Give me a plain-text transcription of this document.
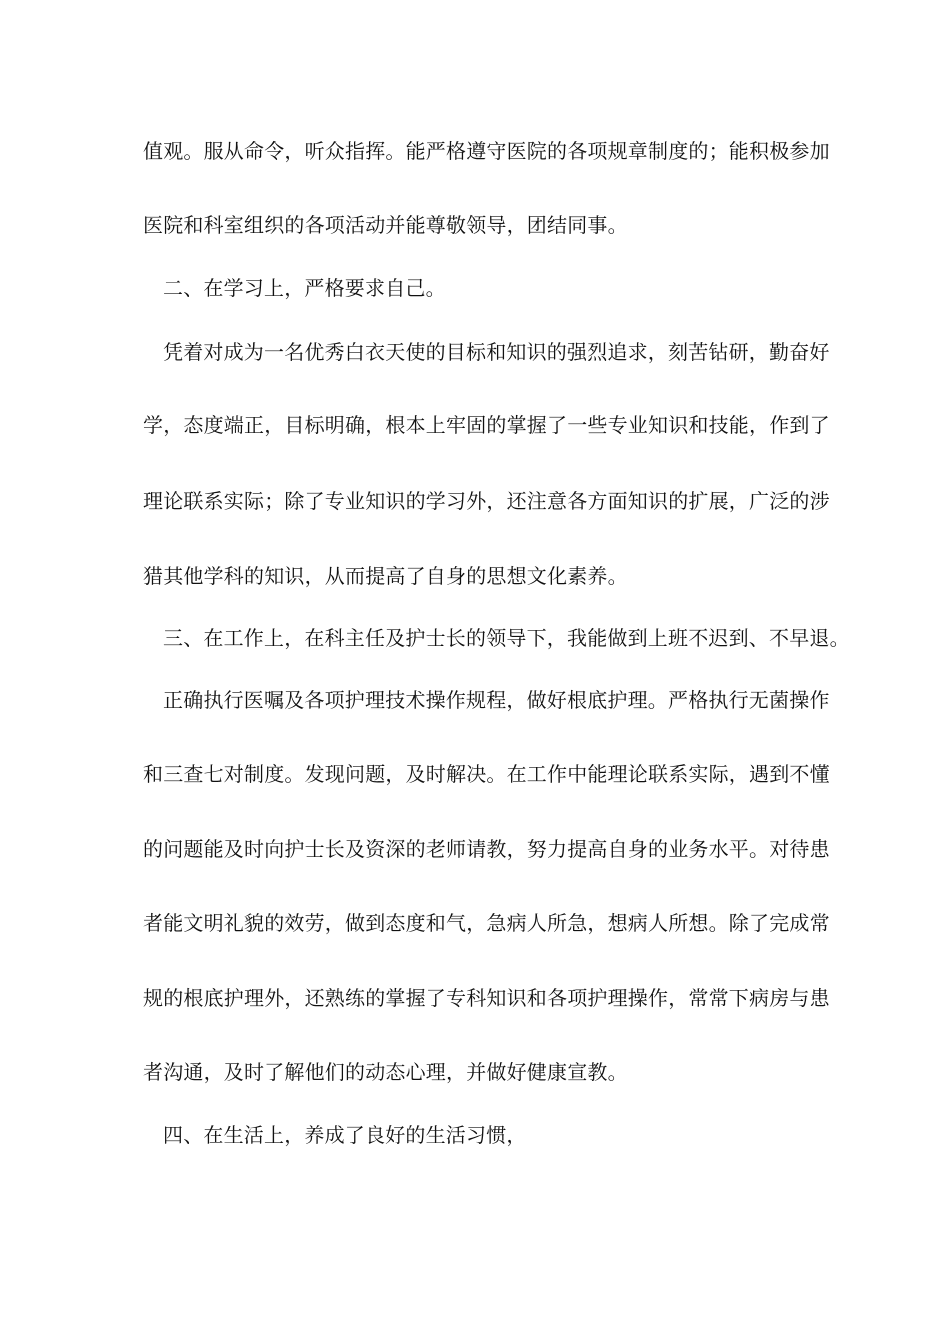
值观。服从命令，听众指挥。能严格遵守医院的各项规章制度的；能积极参加
医院和科室组织的各项活动并能尊敬领导，团结同事。
二、在学习上，严格要求自己。
凭着对成为一名优秀白衣天使的目标和知识的强烈追求，刻苦钻研，勤奋好
学，态度端正，目标明确，根本上牢固的掌握了一些专业知识和技能，作到了
理论联系实际；除了专业知识的学习外，还注意各方面知识的扩展，广泛的涉
猎其他学科的知识，从而提高了自身的思想文化素养。
三、在工作上，在科主任及护士长的领导下，我能做到上班不迟到、不早退。
正确执行医嘱及各项护理技术操作规程，做好根底护理。严格执行无菌操作
和三查七对制度。发现问题，及时解决。在工作中能理论联系实际，遇到不懂
的问题能及时向护士长及资深的老师请教，努力提高自身的业务水平。对待患
者能文明礼貌的效劳，做到态度和气，急病人所急，想病人所想。除了完成常
规的根底护理外，还熟练的掌握了专科知识和各项护理操作，常常下病房与患
者沟通，及时了解他们的动态心理，并做好健康宣教。
四、在生活上，养成了良好的生活习惯，
